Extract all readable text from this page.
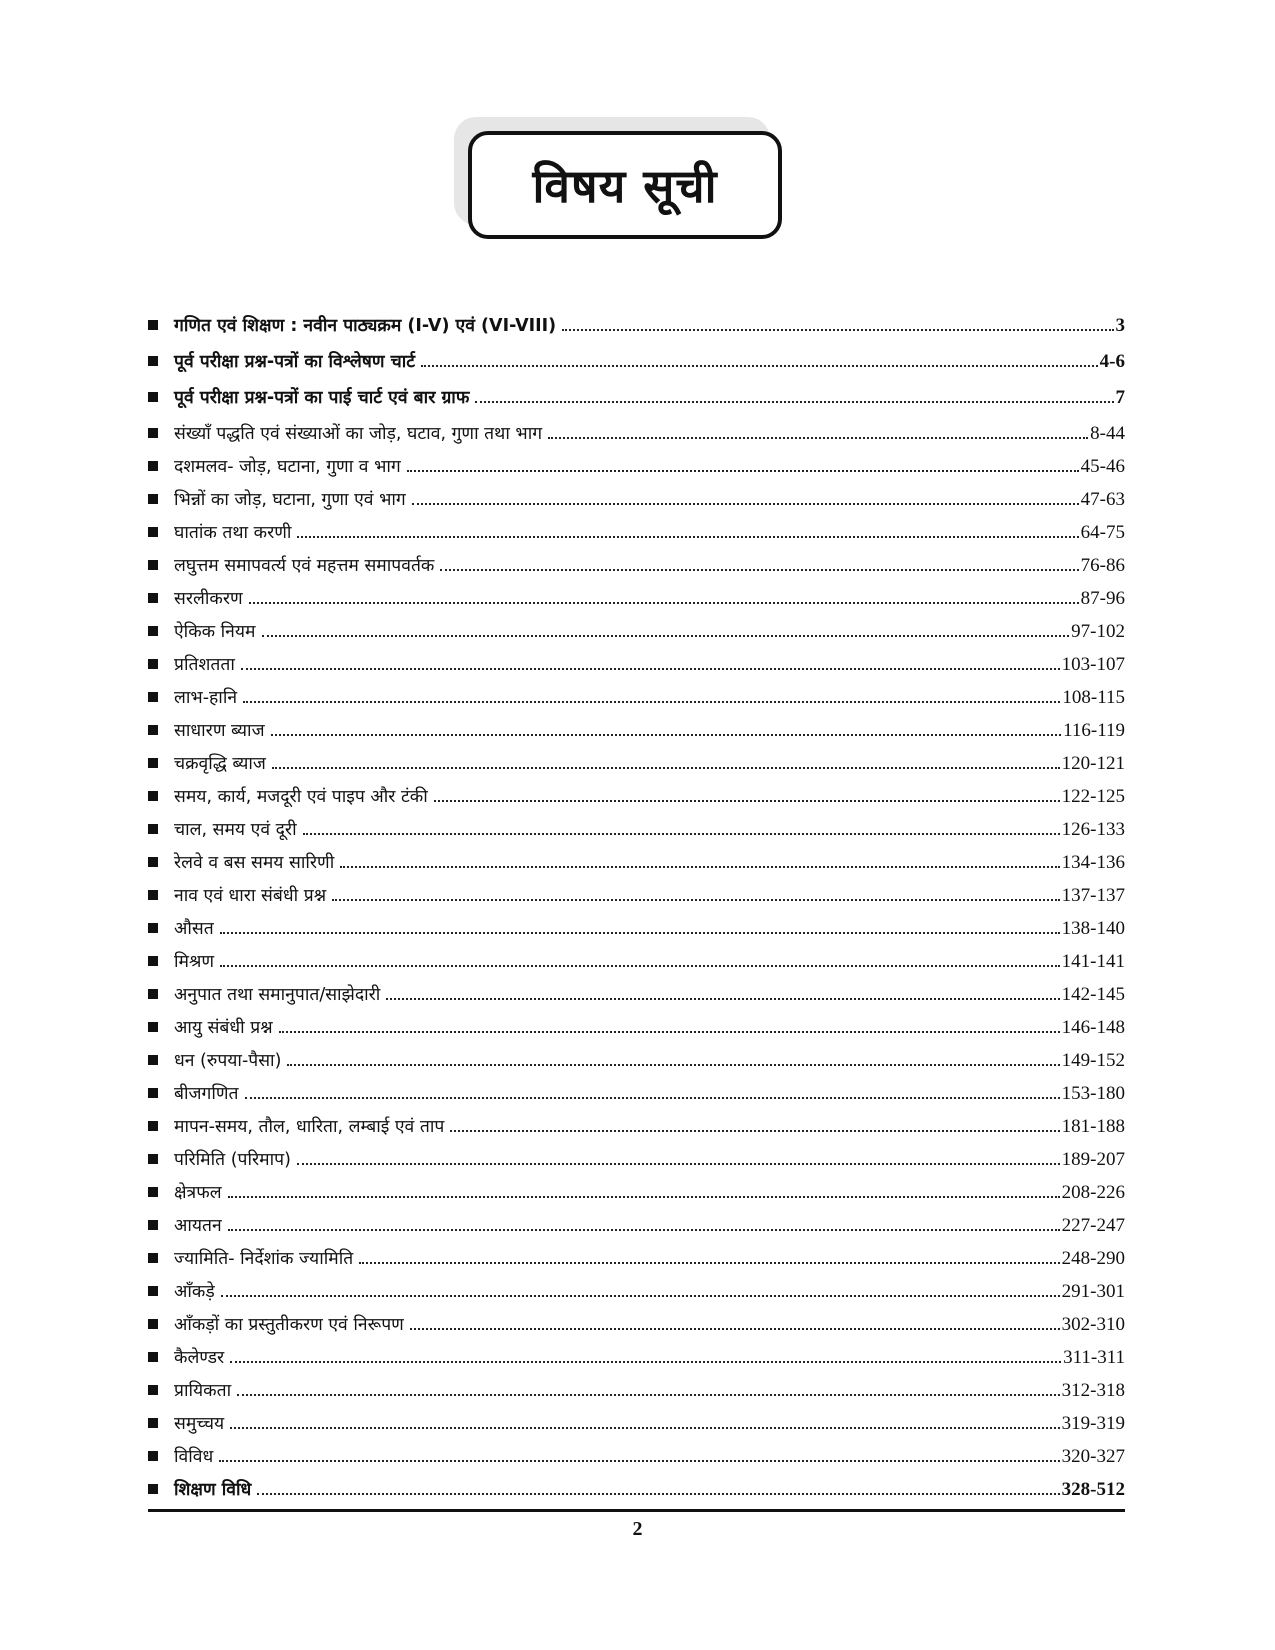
विषय सूची
गणित एवं शिक्षण : नवीन पाठ्यक्रम (I-V) एवं (VI-VIII)	3
पूर्व परीक्षा प्रश्न-पत्रों का विश्लेषण चार्ट	4-6
पूर्व परीक्षा प्रश्न-पत्रों का पाई चार्ट एवं बार ग्राफ	7
संख्याँ पद्धति एवं संख्याओं का जोड़, घटाव, गुणा तथा भाग	8-44
दशमलव- जोड़, घटाना, गुणा व भाग	45-46
भिन्नों का जोड़, घटाना, गुणा एवं भाग	47-63
घातांक तथा करणी	64-75
लघुत्तम समापवर्त्य एवं महत्तम समापवर्तक	76-86
सरलीकरण	87-96
ऐकिक नियम	97-102
प्रतिशतता	103-107
लाभ-हानि	108-115
साधारण ब्याज	116-119
चक्रवृद्धि ब्याज	120-121
समय, कार्य, मजदूरी एवं पाइप और टंकी	122-125
चाल, समय एवं दूरी	126-133
रेलवे व बस समय सारिणी	134-136
नाव एवं धारा संबंधी प्रश्न	137-137
औसत	138-140
मिश्रण	141-141
अनुपात तथा समानुपात/साझेदारी	142-145
आयु संबंधी प्रश्न	146-148
धन (रुपया-पैसा)	149-152
बीजगणित	153-180
मापन-समय, तौल, धारिता, लम्बाई एवं ताप	181-188
परिमिति (परिमाप)	189-207
क्षेत्रफल	208-226
आयतन	227-247
ज्यामिति- निर्देशांक ज्यामिति	248-290
आँकड़े	291-301
आँकड़ों का प्रस्तुतीकरण एवं निरूपण	302-310
कैलेण्डर	311-311
प्रायिकता	312-318
समुच्चय	319-319
विविध	320-327
शिक्षण विधि	328-512
2
